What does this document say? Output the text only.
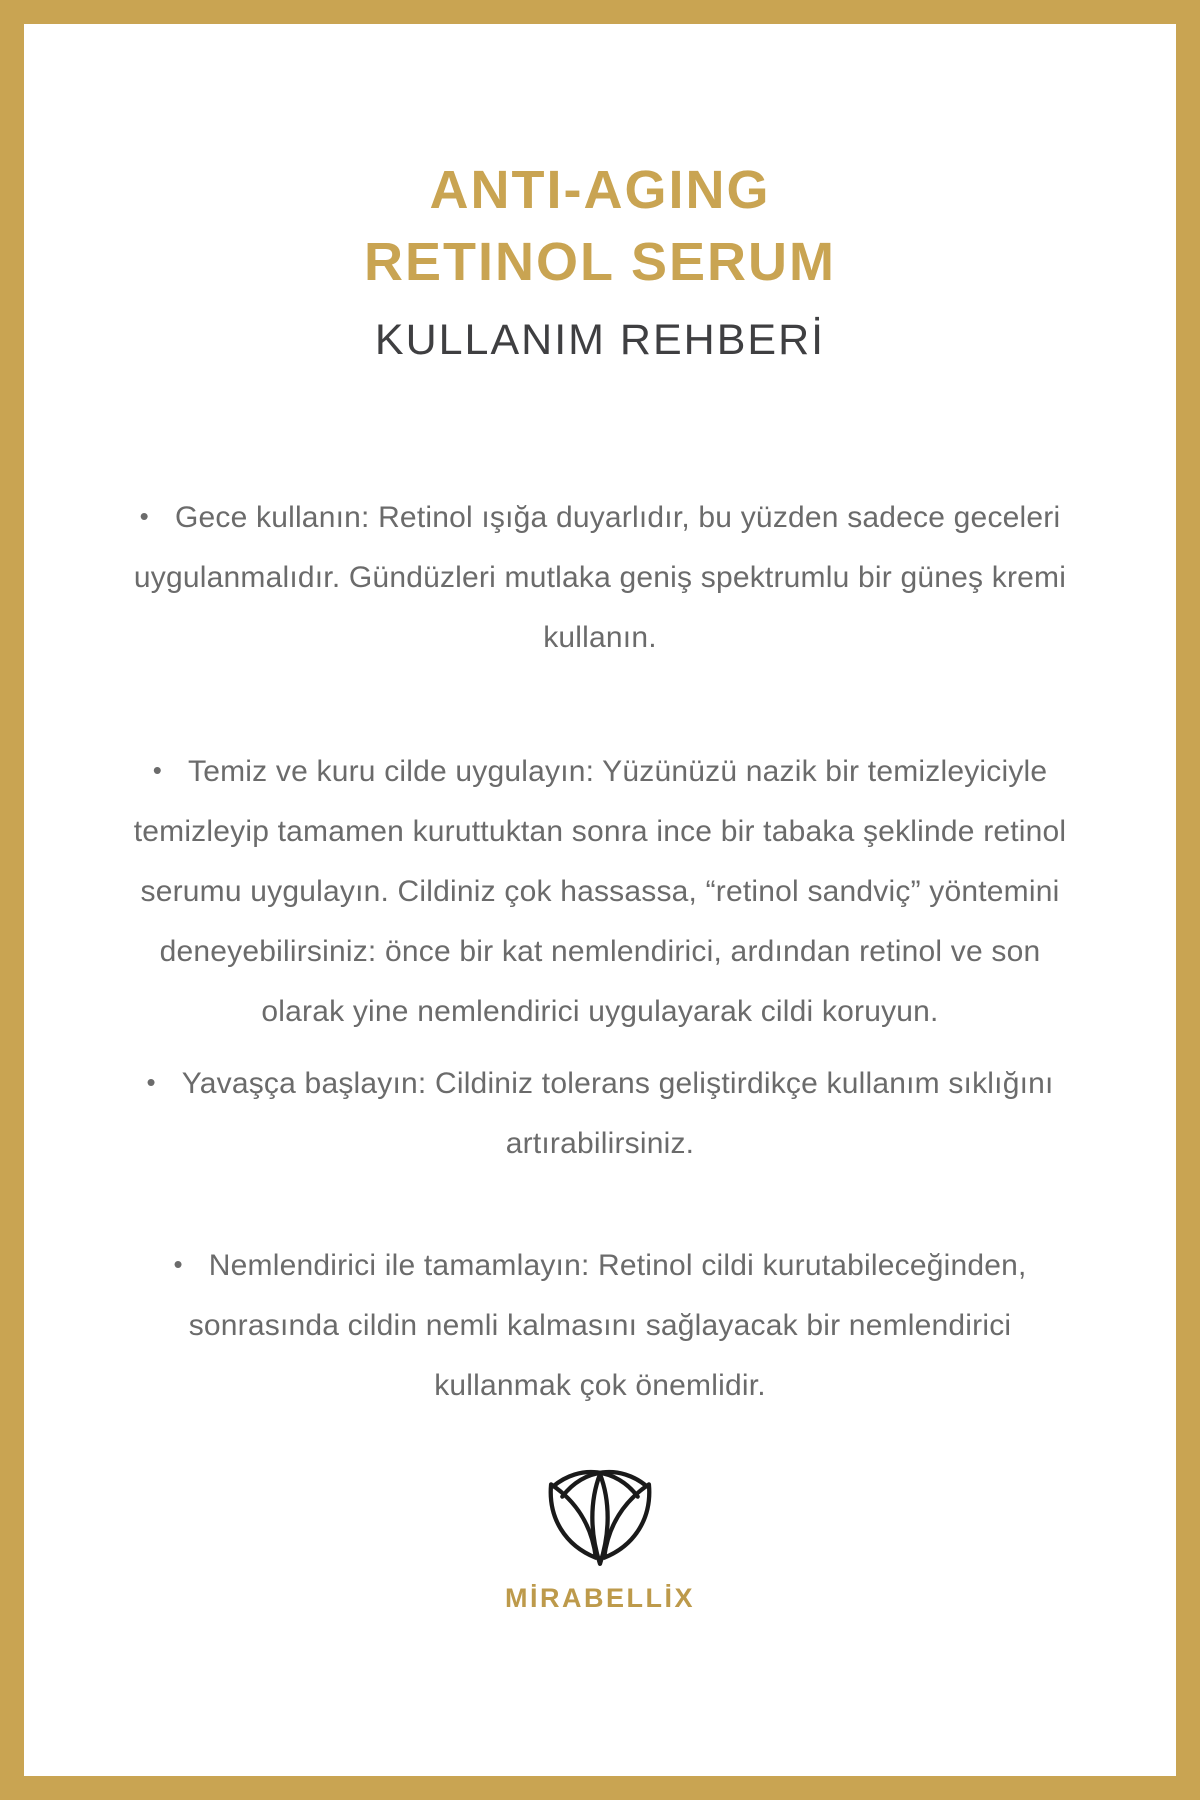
ANTI-AGING
RETINOL SERUM
KULLANIM REHBERİ
• Gece kullanın: Retinol ışığa duyarlıdır, bu yüzden sadece geceleri
uygulanmalıdır. Gündüzleri mutlaka geniş spektrumlu bir güneş kremi
kullanın.
• Temiz ve kuru cilde uygulayın: Yüzünüzü nazik bir temizleyiciyle
temizleyip tamamen kuruttuktan sonra ince bir tabaka şeklinde retinol
serumu uygulayın. Cildiniz çok hassassa, “retinol sandviç” yöntemini
deneyebilirsiniz: önce bir kat nemlendirici, ardından retinol ve son
olarak yine nemlendirici uygulayarak cildi koruyun.
• Yavaşça başlayın: Cildiniz tolerans geliştirdikçe kullanım sıklığını
artırabilirsiniz.
• Nemlendirici ile tamamlayın: Retinol cildi kurutabileceğinden,
sonrasında cildin nemli kalmasını sağlayacak bir nemlendirici
kullanmak çok önemlidir.
MİRABELLİX
